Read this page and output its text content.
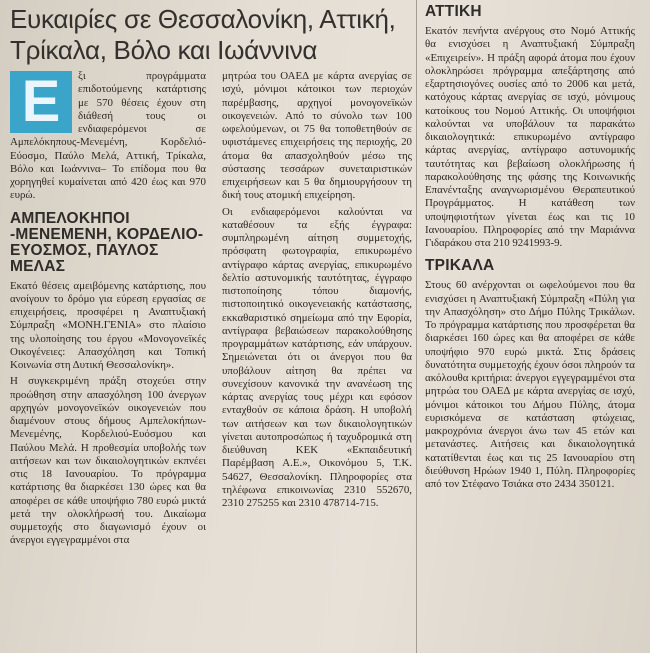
Ευκαιρίες σε Θεσσαλονίκη, Αττική, Τρίκαλα, Βόλο και Ιωάννινα
Ε	ξι προγράμματα επιδοτούμενης κατάρτισης με 570 θέσεις έχουν στη διάθεσή τους οι ενδιαφερόμενοι σε Αμπελόκηπους-Μενεμένη, Κορδελιό-Εύοσμο, Παύλο Μελά, Αττική, Τρίκαλα, Βόλο και Ιωάννινα– Το επίδομα που θα χορηγηθεί κυμαίνεται από 420 έως και 970 ευρώ.

ΑΜΠΕΛΟΚΗΠΟΙ -ΜΕΝΕΜΕΝΗ, ΚΟΡΔΕΛΙΟ-ΕΥΟΣΜΟΣ, ΠΑΥΛΟΣ ΜΕΛΑΣ

Εκατό θέσεις αμειβόμενης κατάρτισης, που ανοίγουν το δρόμο για εύρεση εργασίας σε επιχειρήσεις, προσφέρει η Αναπτυξιακή Σύμπραξη «ΜΟΝΗ.ΓΕΝΙΑ» στο πλαίσιο της υλοποίησης του έργου «Μονογονεϊκές Οικογένειες: Απασχόληση και Τοπική Κοινωνία στη Δυτική Θεσσαλονίκη».

Η συγκεκριμένη πράξη στοχεύει στην προώθηση στην απασχόληση 100 άνεργων αρχηγών μονογονεϊκών οικογενειών που διαμένουν στους δήμους Αμπελοκήπων-Μενεμένης, Κορδελιού-Ευόσμου και Παύλου Μελά. Η προθεσμία υποβολής των αιτήσεων και των δικαιολογητικών εκπνέει στις 18 Ιανουαρίου. Το πρόγραμμα κατάρτισης θα διαρκέσει 130 ώρες και θα αποφέρει σε κάθε υποψήφιο 780 ευρώ μικτά μετά την ολοκλήρωσή του. Δικαίωμα συμμετοχής στο διαγωνισμό έχουν οι άνεργοι εγγεγραμμένοι στα

μητρώα του ΟΑΕΔ με κάρτα ανεργίας σε ισχύ, μόνιμοι κάτοικοι των περιοχών παρέμβασης, αρχηγοί μονογονεϊκών οικογενειών. Από το σύνολο των 100 ωφελούμενων, οι 75 θα τοποθετηθούν σε υφιστάμενες επιχειρήσεις της περιοχής, 20 άτομα θα απασχοληθούν μέσω της σύστασης τεσσάρων συνεταιριστικών επιχειρήσεων και 5 θα δημιουργήσουν τη δική τους ατομική επιχείρηση.

Οι ενδιαφερόμενοι καλούνται να καταθέσουν τα εξής έγγραφα: συμπληρωμένη αίτηση συμμετοχής, πρόσφατη φωτογραφία, επικυρωμένο αντίγραφο κάρτας ανεργίας, επικυρωμένο δελτίο αστυνομικής ταυτότητας, έγγραφο πιστοποίησης τόπου διαμονής, πιστοποιητικό οικογενειακής κατάστασης, εκκαθαριστικό σημείωμα από την Εφορία, αντίγραφα βεβαιώσεων παρακολούθησης προγραμμάτων κατάρτισης, εάν υπάρχουν. Σημειώνεται ότι οι άνεργοι που θα υποβάλουν αίτηση θα πρέπει να συνεχίσουν κανονικά την ανανέωση της κάρτας ανεργίας τους μέχρι και εφόσον ενταχθούν σε κάποια δράση. Η υποβολή των αιτήσεων και των δικαιολογητικών γίνεται αυτοπροσώπως ή ταχυδρομικά στη διεύθυνση ΚΕΚ «Εκπαιδευτική Παρέμβαση Α.Ε.», Οικονόμου 5, Τ.Κ. 54627, Θεσσαλονίκη. Πληροφορίες στα τηλέφωνα επικοινωνίας 2310 552670, 2310 275255 και 2310 478714-715.

ΑΤΤΙΚΗ

Εκατόν πενήντα ανέργους στο Νομό Αττικής θα ενισχύσει η Αναπτυξιακή Σύμπραξη «Επιχειρείν». Η πράξη αφορά άτομα που έχουν ολοκληρώσει πρόγραμμα απεξάρτησης από εξαρτησιογόνες ουσίες από το 2006 και μετά, κατόχους κάρτας ανεργίας σε ισχύ, μόνιμους κατοίκους του Νομού Αττικής. Οι υποψήφιοι καλούνται να υποβάλουν τα παρακάτω δικαιολογητικά: επικυρωμένο αντίγραφο κάρτας ανεργίας, αντίγραφο αστυνομικής ταυτότητας και βεβαίωση ολοκλήρωσης ή παρακολούθησης της φάσης της Κοινωνικής Επανένταξης αναγνωρισμένου Θεραπευτικού Προγράμματος. Η κατάθεση των υποψηφιοτήτων γίνεται έως και τις 10 Ιανουαρίου. Πληροφορίες από την Μαριάννα Γιδαράκου στα 210 9241993-9.

ΤΡΙΚΑΛΑ

Στους 60 ανέρχονται οι ωφελούμενοι που θα ενισχύσει η Αναπτυξιακή Σύμπραξη «Πύλη για την Απασχόληση» στο Δήμο Πύλης Τρικάλων. Το πρόγραμμα κατάρτισης που προσφέρεται θα διαρκέσει 160 ώρες και θα αποφέρει σε κάθε υποψήφιο 970 ευρώ μικτά. Στις δράσεις δυνατότητα συμμετοχής έχουν όσοι πληρούν τα ακόλουθα κριτήρια: άνεργοι εγγεγραμμένοι στα μητρώα του ΟΑΕΔ με κάρτα ανεργίας σε ισχύ, μόνιμοι κάτοικοι του Δήμου Πύλης, άτομα ευρισκόμενα σε κατάσταση φτώχειας, μακροχρόνια άνεργοι άνω των 45 ετών και μετανάστες. Αιτήσεις και δικαιολογητικά κατατίθενται έως και τις 25 Ιανουαρίου στη διεύθυνση Ηρώων 1940 1, Πύλη. Πληροφορίες από τον Στέφανο Τσιάκα στο 2434 350121.
